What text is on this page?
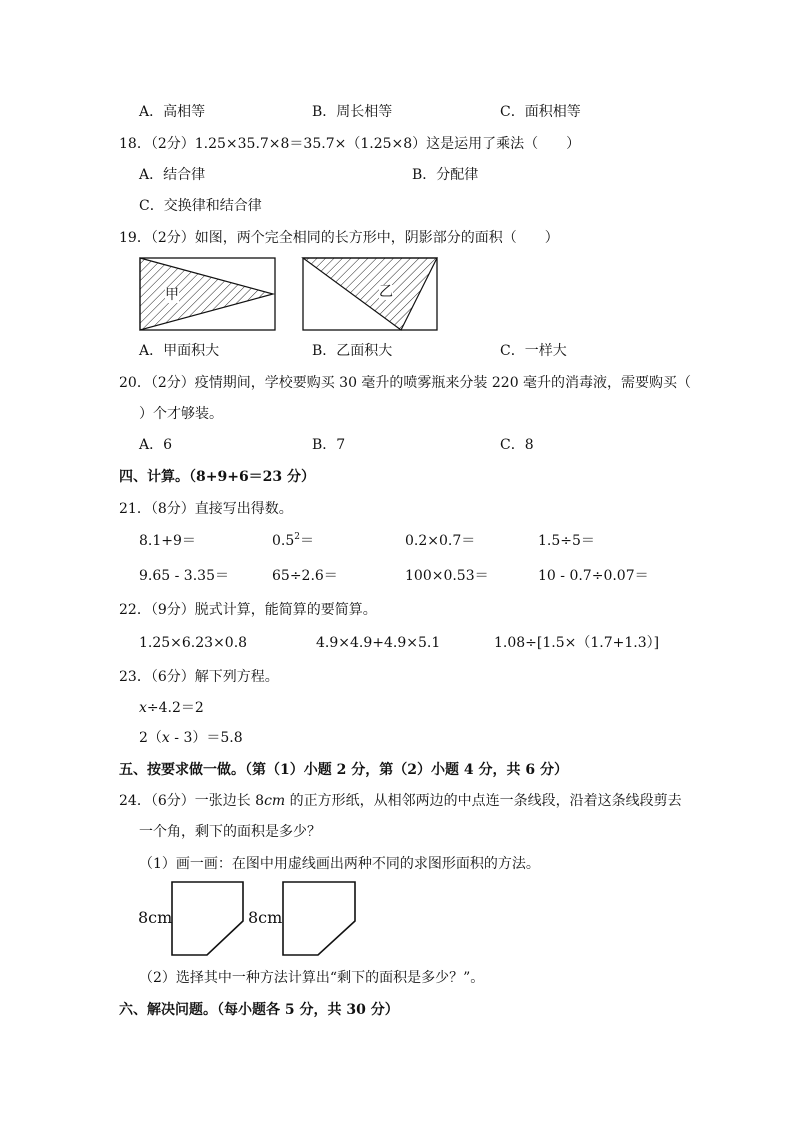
A．高相等	B．周长相等	C．面积相等
18．（2分）1.25×35.7×8＝35.7×（1.25×8）这是运用了乘法（　　）
A．结合律	B．分配律
C．交换律和结合律
19．（2分）如图，两个完全相同的长方形中，阴影部分的面积（　　）
甲	乙
A．甲面积大	B．乙面积大	C．一样大
20．（2分）疫情期间，学校要购买 30 毫升的喷雾瓶来分装 220 毫升的消毒液，需要购买（
）个才够装。
A．6	B．7	C．8
四、计算。（8+9+6＝23 分）
21．（8分）直接写出得数。
8.1+9＝	$0.5^2=$	0.2×0.7＝	1.5÷5＝
9.65 - 3.35＝	65÷2.6＝	100×0.53＝	10 - 0.7÷0.07＝
22．（9分）脱式计算，能简算的要简算。
1.25×6.23×0.8	4.9×4.9+4.9×5.1	1.08÷[1.5×（1.7+1.3）]
23．（6分）解下列方程。
x÷4.2＝2
2（x - 3）＝5.8
五、按要求做一做。（第（1）小题 2 分，第（2）小题 4 分，共 6 分）
24．（6分）一张边长 8cm 的正方形纸，从相邻两边的中点连一条线段，沿着这条线段剪去
一个角，剩下的面积是多少？
（1）画一画：在图中用虚线画出两种不同的求图形面积的方法。
8cm	8cm
（2）选择其中一种方法计算出“剩下的面积是多少？”。
六、解决问题。（每小题各 5 分，共 30 分）
